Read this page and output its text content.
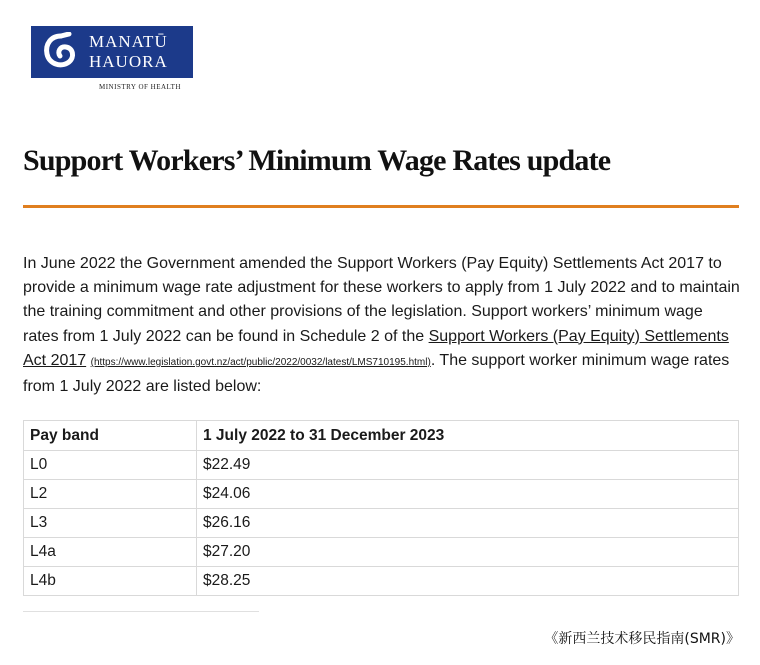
MANATŪ
HAUORA
MINISTRY OF HEALTH
Support Workers’ Minimum Wage Rates update

In June 2022 the Government amended the Support Workers (Pay Equity) Settlements Act 2017 to provide a minimum wage rate adjustment for these workers to apply from 1 July 2022 and to maintain the training commitment and other provisions of the legislation. Support workers’ minimum wage rates from 1 July 2022 can be found in Schedule 2 of the Support Workers (Pay Equity) Settlements Act 2017 (https://www.legislation.govt.nz/act/public/2022/0032/latest/LMS710195.html). The support worker minimum wage rates from 1 July 2022 are listed below:

Pay band	1 July 2022 to 31 December 2023
L0	$22.49
L2	$24.06
L3	$26.16
L4a	$27.20
L4b	$28.25
《新西兰技术移民指南(SMR)》
